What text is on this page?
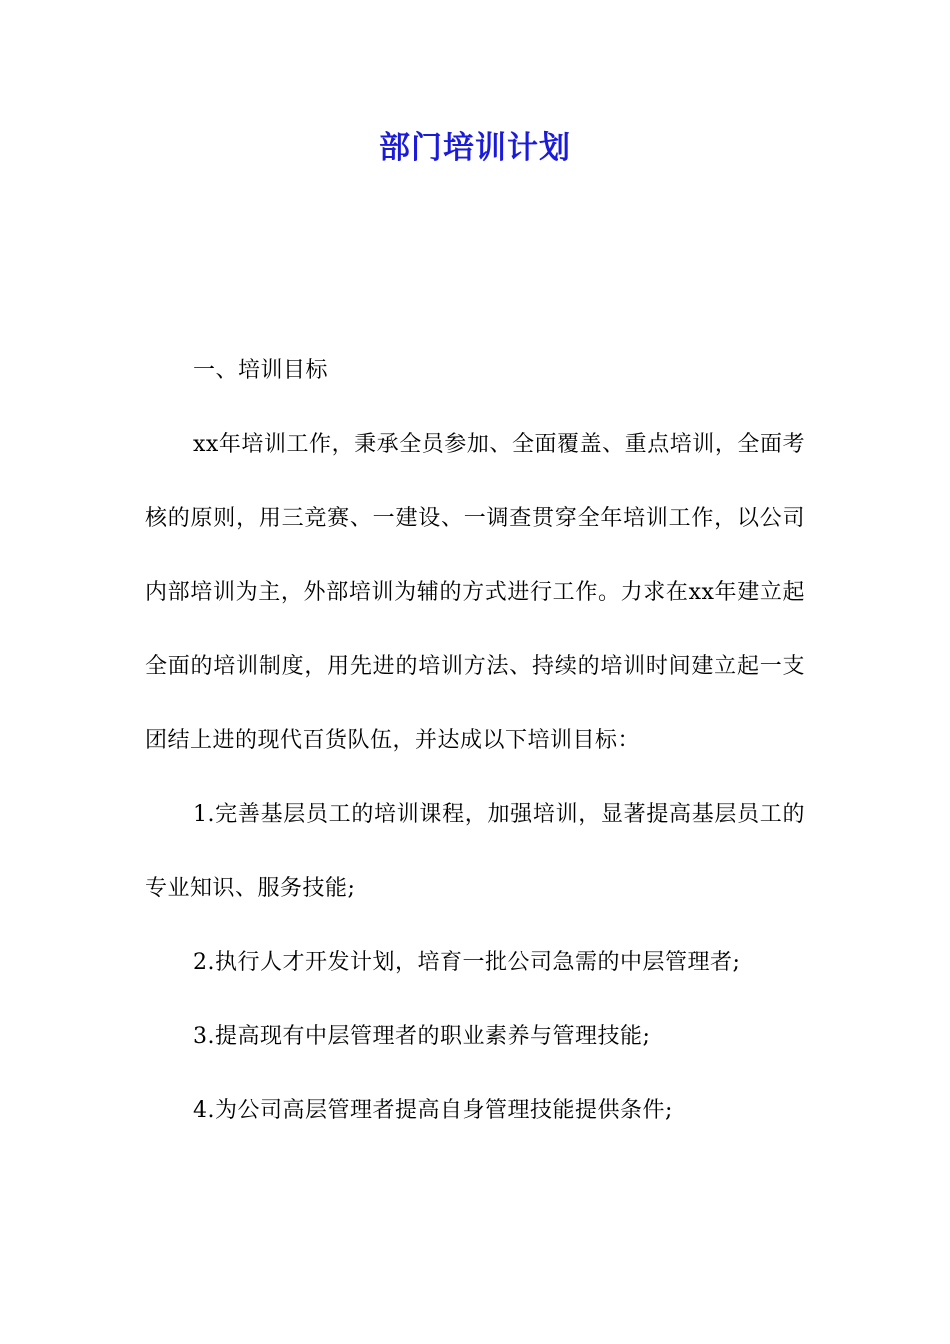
部门培训计划

一、培训目标

xx年培训工作，秉承全员参加、全面覆盖、重点培训，全面考核的原则，用三竞赛、一建设、一调查贯穿全年培训工作，以公司内部培训为主，外部培训为辅的方式进行工作。力求在xx年建立起全面的培训制度，用先进的培训方法、持续的培训时间建立起一支团结上进的现代百货队伍，并达成以下培训目标：

1.完善基层员工的培训课程，加强培训，显著提高基层员工的专业知识、服务技能;

2.执行人才开发计划，培育一批公司急需的中层管理者;

3.提高现有中层管理者的职业素养与管理技能;

4.为公司高层管理者提高自身管理技能提供条件;
